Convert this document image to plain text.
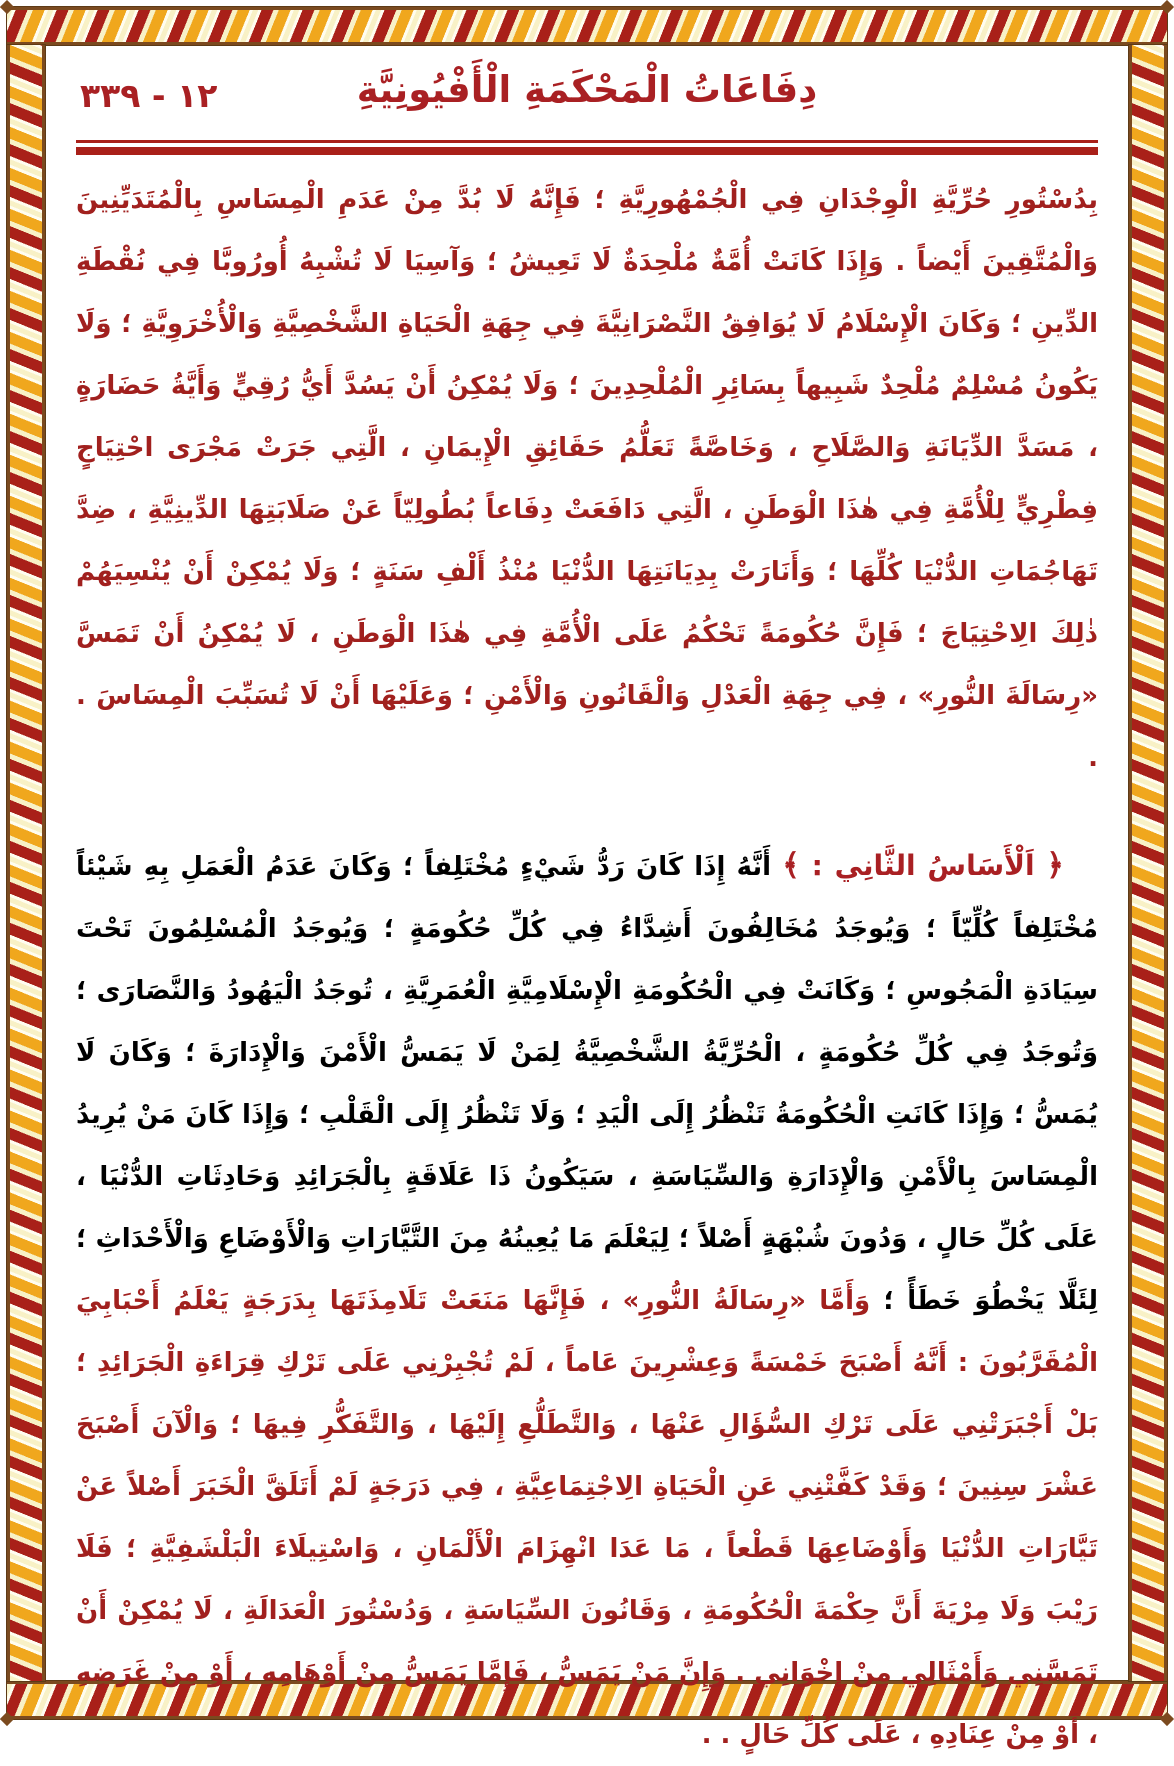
دِفَاعَاتُ الْمَحْكَمَةِ الْأَفْيُونِيَّةِ
١٢ - ٣٣٩

بِدُسْتُورِ حُرِّيَّةِ الْوِجْدَانِ فِي الْجُمْهُورِيَّةِ ؛ فَإِنَّهُ لَا بُدَّ مِنْ عَدَمِ الْمِسَاسِ بِالْمُتَدَيِّنِينَ وَالْمُتَّقِينَ أَيْضاً . وَإِذَا كَانَتْ أُمَّةٌ مُلْحِدَةٌ لَا تَعِيشُ ؛ وَآسِيَا لَا تُشْبِهُ أُورُوبَّا فِي نُقْطَةِ الدِّينِ ؛ وَكَانَ الْإِسْلَامُ لَا يُوَافِقُ النَّصْرَانِيَّةَ فِي جِهَةِ الْحَيَاةِ الشَّخْصِيَّةِ وَالْأُخْرَوِيَّةِ ؛ وَلَا يَكُونُ مُسْلِمٌ مُلْحِدٌ شَبِيهاً بِسَائِرِ الْمُلْحِدِينَ ؛ وَلَا يُمْكِنُ أَنْ يَسُدَّ أَيُّ رُقِيٍّ وَأَيَّةُ حَضَارَةٍ ، مَسَدَّ الدِّيَانَةِ وَالصَّلَاحِ ، وَخَاصَّةً تَعَلُّمُ حَقَائِقِ الْإِيمَانِ ، الَّتِي جَرَتْ مَجْرَى احْتِيَاجٍ فِطْرِيٍّ لِلْأُمَّةِ فِي هٰذَا الْوَطَنِ ، الَّتِي دَافَعَتْ دِفَاعاً بُطُولِيّاً عَنْ صَلَابَتِهَا الدِّينِيَّةِ ، ضِدَّ تَهَاجُمَاتِ الدُّنْيَا كُلِّهَا ؛ وَأَنَارَتْ بِدِيَانَتِهَا الدُّنْيَا مُنْذُ أَلْفِ سَنَةٍ ؛ وَلَا يُمْكِنْ أَنْ يُنْسِيَهُمْ ذٰلِكَ الِاحْتِيَاجَ ؛ فَإِنَّ حُكُومَةً تَحْكُمُ عَلَى الْأُمَّةِ فِي هٰذَا الْوَطَنِ ، لَا يُمْكِنُ أَنْ تَمَسَّ «رِسَالَةَ النُّورِ» ، فِي جِهَةِ الْعَدْلِ وَالْقَانُونِ وَالْأَمْنِ ؛ وَعَلَيْهَا أَنْ لَا تُسَبِّبَ الْمِسَاسَ . .

﴿ اَلْأَسَاسُ الثَّانِي : ﴾ أَنَّهُ إِذَا كَانَ رَدُّ شَيْءٍ مُخْتَلِفاً ؛ وَكَانَ عَدَمُ الْعَمَلِ بِهِ شَيْئاً مُخْتَلِفاً كُلِّيّاً ؛ وَيُوجَدُ مُخَالِفُونَ أَشِدَّاءُ فِي كُلِّ حُكُومَةٍ ؛ وَيُوجَدُ الْمُسْلِمُونَ تَحْتَ سِيَادَةِ الْمَجُوسِ ؛ وَكَانَتْ فِي الْحُكُومَةِ الْإِسْلَامِيَّةِ الْعُمَرِيَّةِ ، تُوجَدُ الْيَهُودُ وَالنَّصَارَى ؛ وَتُوجَدُ فِي كُلِّ حُكُومَةٍ ، الْحُرِّيَّةُ الشَّخْصِيَّةُ لِمَنْ لَا يَمَسُّ الْأَمْنَ وَالْإِدَارَةَ ؛ وَكَانَ لَا يُمَسُّ ؛ وَإِذَا كَانَتِ الْحُكُومَةُ تَنْظُرُ إِلَى الْيَدِ ؛ وَلَا تَنْظُرُ إِلَى الْقَلْبِ ؛ وَإِذَا كَانَ مَنْ يُرِيدُ الْمِسَاسَ بِالْأَمْنِ وَالْإِدَارَةِ وَالسِّيَاسَةِ ، سَيَكُونُ ذَا عَلَاقَةٍ بِالْجَرَائِدِ وَحَادِثَاتِ الدُّنْيَا ، عَلَى كُلِّ حَالٍ ، وَدُونَ شُبْهَةٍ أَصْلاً ؛ لِيَعْلَمَ مَا يُعِينُهُ مِنَ التَّيَّارَاتِ وَالْأَوْضَاعِ وَالْأَحْدَاثِ ؛ لِئَلَّا يَخْطُوَ خَطَأً ؛ وَأَمَّا «رِسَالَةُ النُّورِ» ، فَإِنَّهَا مَنَعَتْ تَلَامِذَتَهَا بِدَرَجَةٍ يَعْلَمُ أَحْبَابِيَ الْمُقَرَّبُونَ : أَنَّهُ أَصْبَحَ خَمْسَةً وَعِشْرِينَ عَاماً ، لَمْ تُجْبِرْنِي عَلَى تَرْكِ قِرَاءَةِ الْجَرَائِدِ ؛ بَلْ أَجْبَرَتْنِي عَلَى تَرْكِ السُّؤَالِ عَنْهَا ، وَالتَّطَلُّعِ إِلَيْهَا ، وَالتَّفَكُّرِ فِيهَا ؛ وَالْآنَ أَصْبَحَ عَشْرَ سِنِينَ ؛ وَقَدْ كَفَّتْنِي عَنِ الْحَيَاةِ الِاجْتِمَاعِيَّةِ ، فِي دَرَجَةٍ لَمْ أَتَلَقَّ الْخَبَرَ أَصْلاً عَنْ تَيَّارَاتِ الدُّنْيَا وَأَوْضَاعِهَا قَطْعاً ، مَا عَدَا انْهِزَامَ الْأَلْمَانِ ، وَاسْتِيلَاءَ الْبَلْشَفِيَّةِ ؛ فَلَا رَيْبَ وَلَا مِرْيَةَ أَنَّ حِكْمَةَ الْحُكُومَةِ ، وَقَانُونَ السِّيَاسَةِ ، وَدُسْتُورَ الْعَدَالَةِ ، لَا يُمْكِنْ أَنْ تَمَسَّنِي وَأَمْثَالِي مِنْ إِخْوَانِي . وَإِنَّ مَنْ يَمَسُّ ، فَإِمَّا يَمَسُّ مِنْ أَوْهَامِهِ ، أَوْ مِنْ غَرَضِهِ ، أَوْ مِنْ عِنَادِهِ ، عَلَى كُلِّ حَالٍ . .
